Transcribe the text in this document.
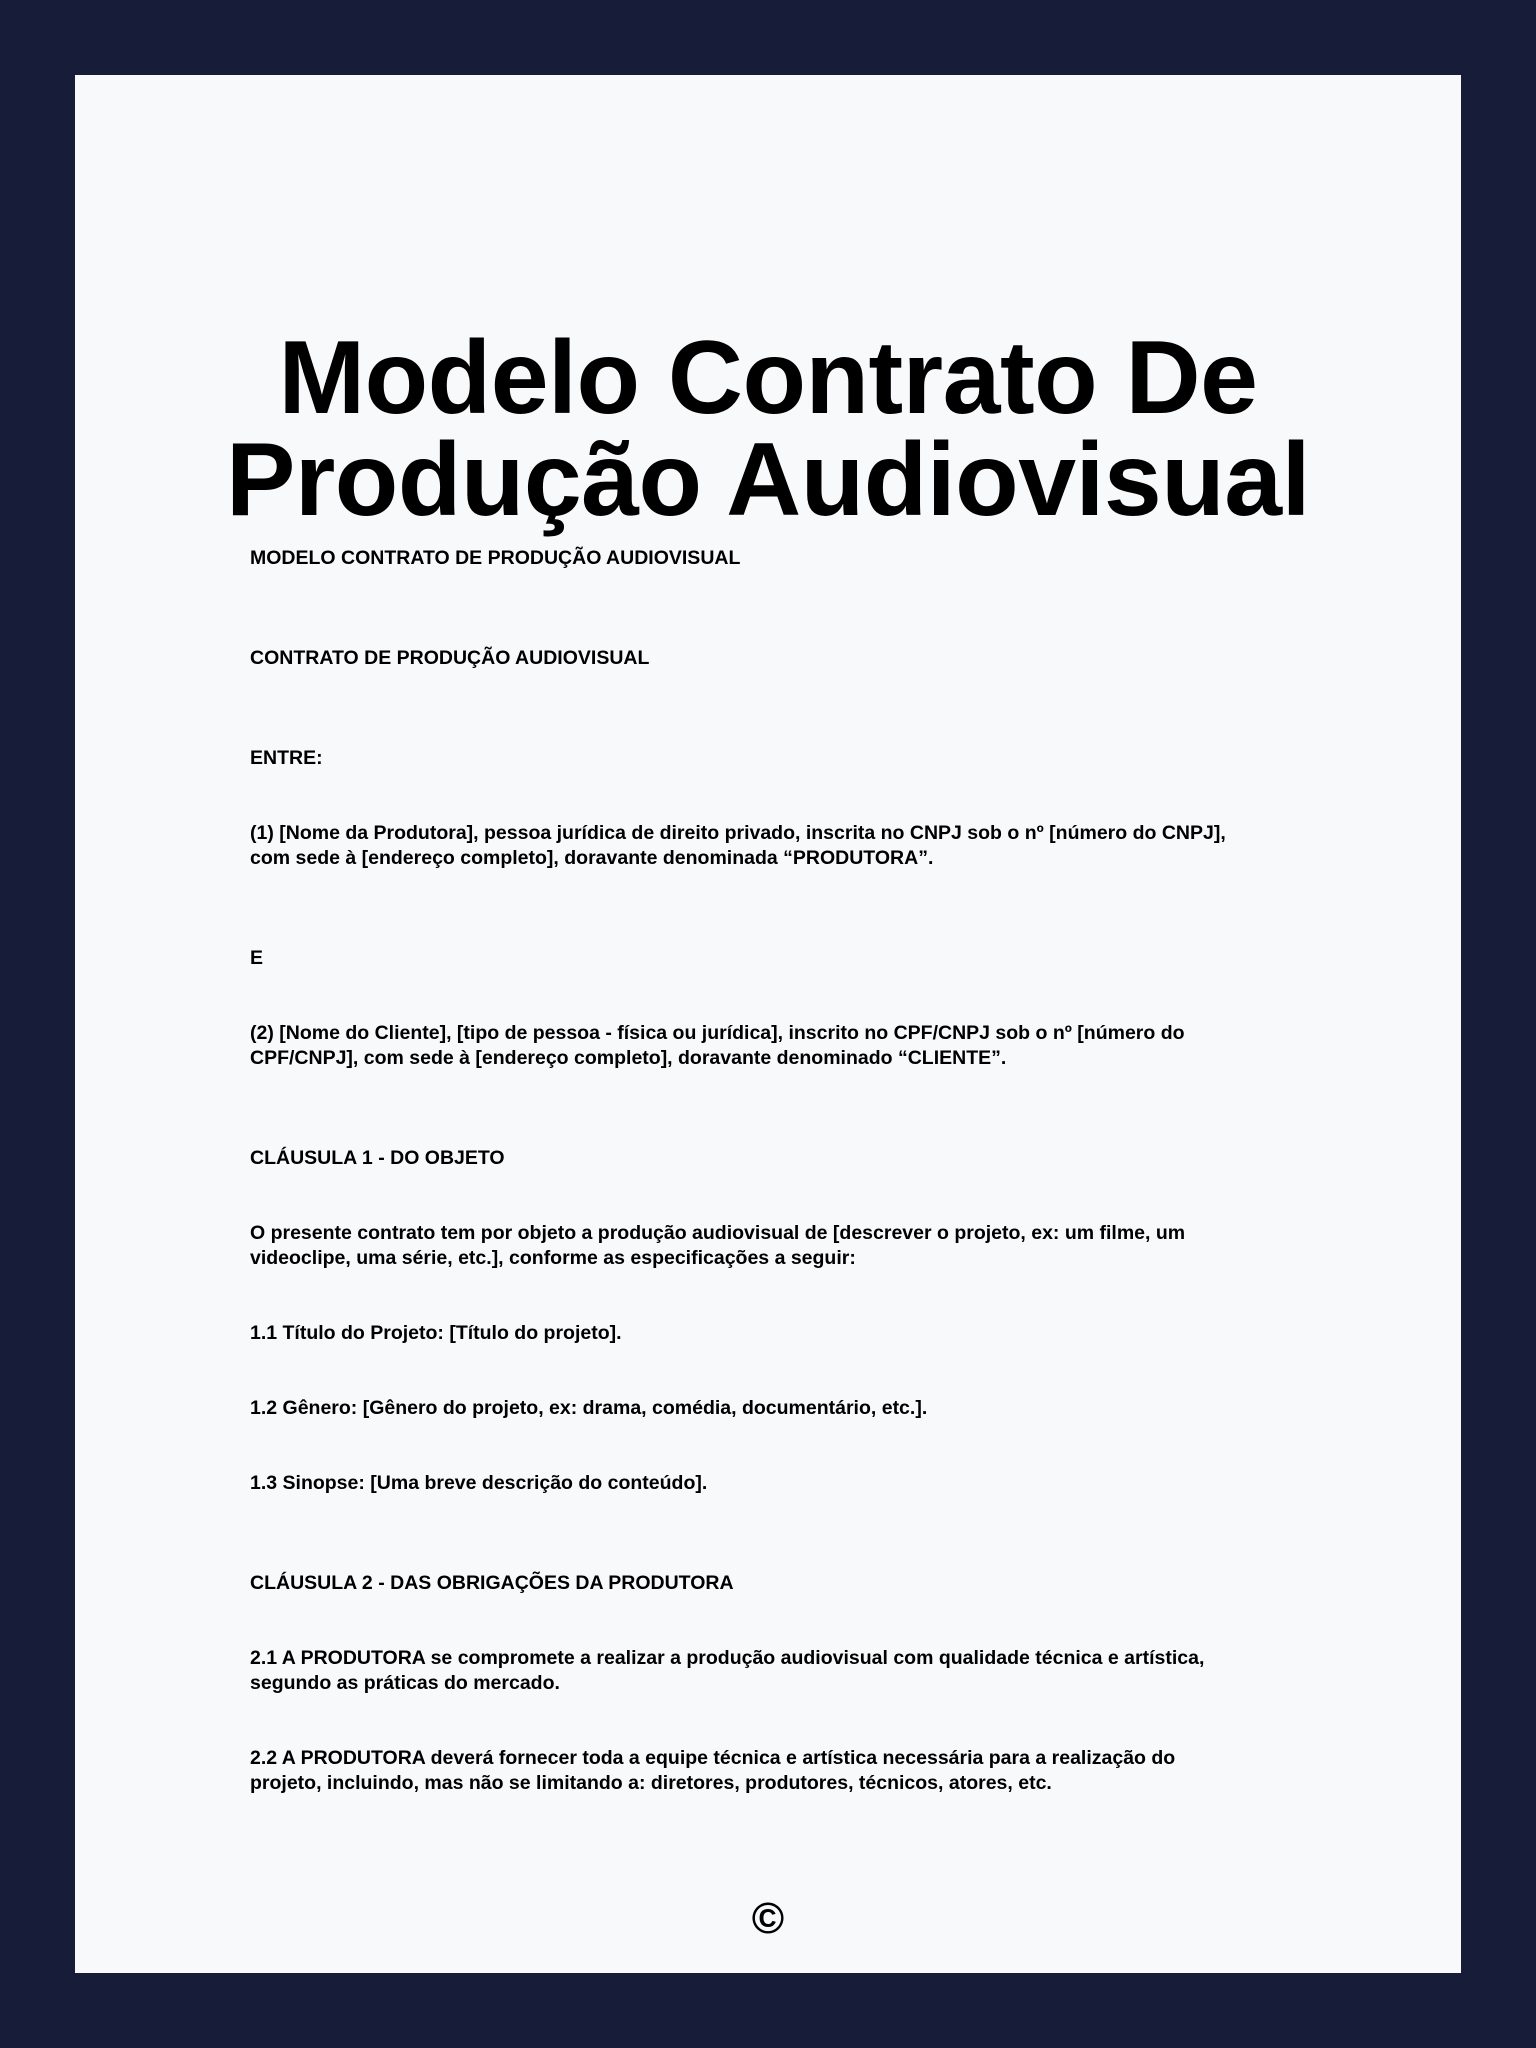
Modelo Contrato De
Produção Audiovisual

MODELO CONTRATO DE PRODUÇÃO AUDIOVISUAL

CONTRATO DE PRODUÇÃO AUDIOVISUAL

ENTRE:

(1) [Nome da Produtora], pessoa jurídica de direito privado, inscrita no CNPJ sob o nº [número do CNPJ],
com sede à [endereço completo], doravante denominada “PRODUTORA”.

E

(2) [Nome do Cliente], [tipo de pessoa - física ou jurídica], inscrito no CPF/CNPJ sob o nº [número do
CPF/CNPJ], com sede à [endereço completo], doravante denominado “CLIENTE”.

CLÁUSULA 1 - DO OBJETO

O presente contrato tem por objeto a produção audiovisual de [descrever o projeto, ex: um filme, um
videoclipe, uma série, etc.], conforme as especificações a seguir:

1.1 Título do Projeto: [Título do projeto].

1.2 Gênero: [Gênero do projeto, ex: drama, comédia, documentário, etc.].

1.3 Sinopse: [Uma breve descrição do conteúdo].

CLÁUSULA 2 - DAS OBRIGAÇÕES DA PRODUTORA

2.1 A PRODUTORA se compromete a realizar a produção audiovisual com qualidade técnica e artística,
segundo as práticas do mercado.

2.2 A PRODUTORA deverá fornecer toda a equipe técnica e artística necessária para a realização do
projeto, incluindo, mas não se limitando a: diretores, produtores, técnicos, atores, etc.

©
